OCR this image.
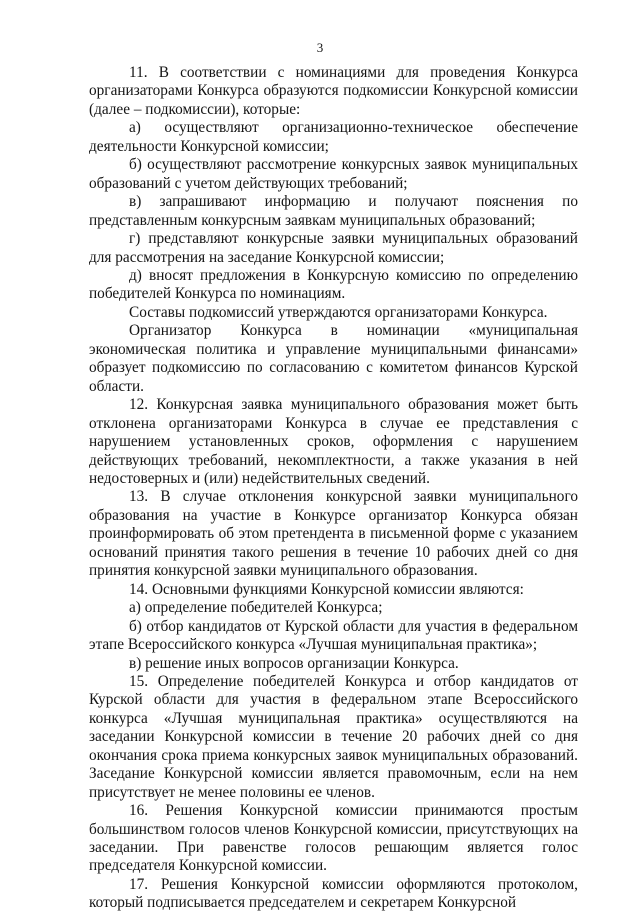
3

11. В соответствии с номинациями для проведения Конкурса организаторами Конкурса образуются подкомиссии Конкурсной комиссии (далее – подкомиссии), которые:

а) осуществляют организационно-техническое обеспечение деятельности Конкурсной комиссии;

б) осуществляют рассмотрение конкурсных заявок муниципальных образований с учетом действующих требований;

в) запрашивают информацию и получают пояснения по представленным конкурсным заявкам муниципальных образований;

г) представляют конкурсные заявки муниципальных образований для рассмотрения на заседание Конкурсной комиссии;

д) вносят предложения в Конкурсную комиссию по определению победителей Конкурса по номинациям.

Составы подкомиссий утверждаются организаторами Конкурса.

Организатор Конкурса в номинации «муниципальная экономическая политика и управление муниципальными финансами» образует подкомиссию по согласованию с комитетом финансов Курской области.

12. Конкурсная заявка муниципального образования может быть отклонена организаторами Конкурса в случае ее представления с нарушением установленных сроков, оформления с нарушением действующих требований, некомплектности, а также указания в ней недостоверных и (или) недействительных сведений.

13. В случае отклонения конкурсной заявки муниципального образования на участие в Конкурсе организатор Конкурса обязан проинформировать об этом претендента в письменной форме с указанием оснований принятия такого решения в течение 10 рабочих дней со дня принятия конкурсной заявки муниципального образования.

14. Основными функциями Конкурсной комиссии являются:

а) определение победителей Конкурса;

б) отбор кандидатов от Курской области для участия в федеральном этапе Всероссийского конкурса «Лучшая муниципальная практика»;

в) решение иных вопросов организации Конкурса.

15. Определение победителей Конкурса и отбор кандидатов от Курской области для участия в федеральном этапе Всероссийского конкурса «Лучшая муниципальная практика» осуществляются на заседании Конкурсной комиссии в течение 20 рабочих дней со дня окончания срока приема конкурсных заявок муниципальных образований. Заседание Конкурсной комиссии является правомочным, если на нем присутствует не менее половины ее членов.

16. Решения Конкурсной комиссии принимаются простым большинством голосов членов Конкурсной комиссии, присутствующих на заседании. При равенстве голосов решающим является голос председателя Конкурсной комиссии.

17. Решения Конкурсной комиссии оформляются протоколом, который подписывается председателем и секретарем Конкурсной
